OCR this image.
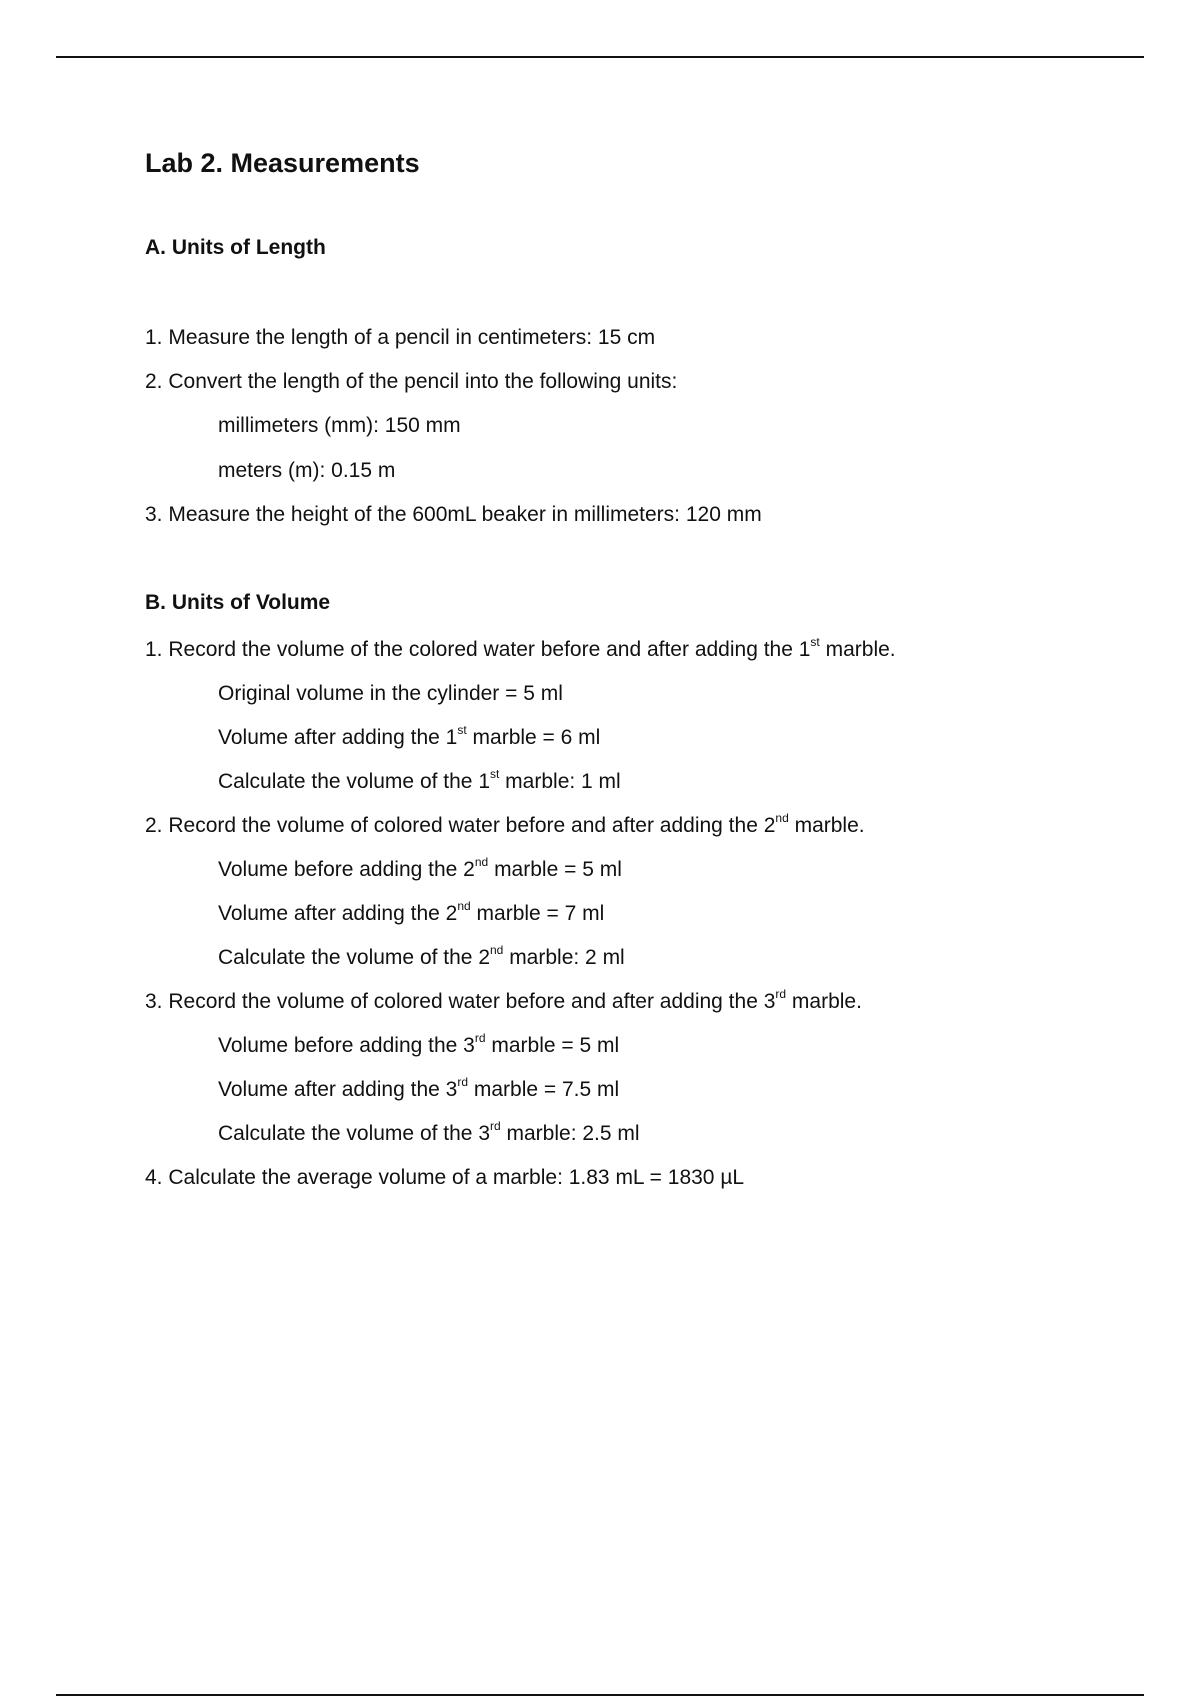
Lab 2. Measurements
A. Units of Length
1. Measure the length of a pencil in centimeters: 15 cm
2. Convert the length of the pencil into the following units:
millimeters (mm): 150 mm
meters (m): 0.15 m
3. Measure the height of the 600mL beaker in millimeters: 120 mm
B. Units of Volume
1. Record the volume of the colored water before and after adding the 1st marble.
Original volume in the cylinder = 5 ml
Volume after adding the 1st marble = 6 ml
Calculate the volume of the 1st marble: 1 ml
2. Record the volume of colored water before and after adding the 2nd marble.
Volume before adding the 2nd marble = 5 ml
Volume after adding the 2nd marble = 7 ml
Calculate the volume of the 2nd marble: 2 ml
3. Record the volume of colored water before and after adding the 3rd marble.
Volume before adding the 3rd marble = 5 ml
Volume after adding the 3rd marble = 7.5 ml
Calculate the volume of the 3rd marble: 2.5 ml
4. Calculate the average volume of a marble: 1.83 mL = 1830 µL
